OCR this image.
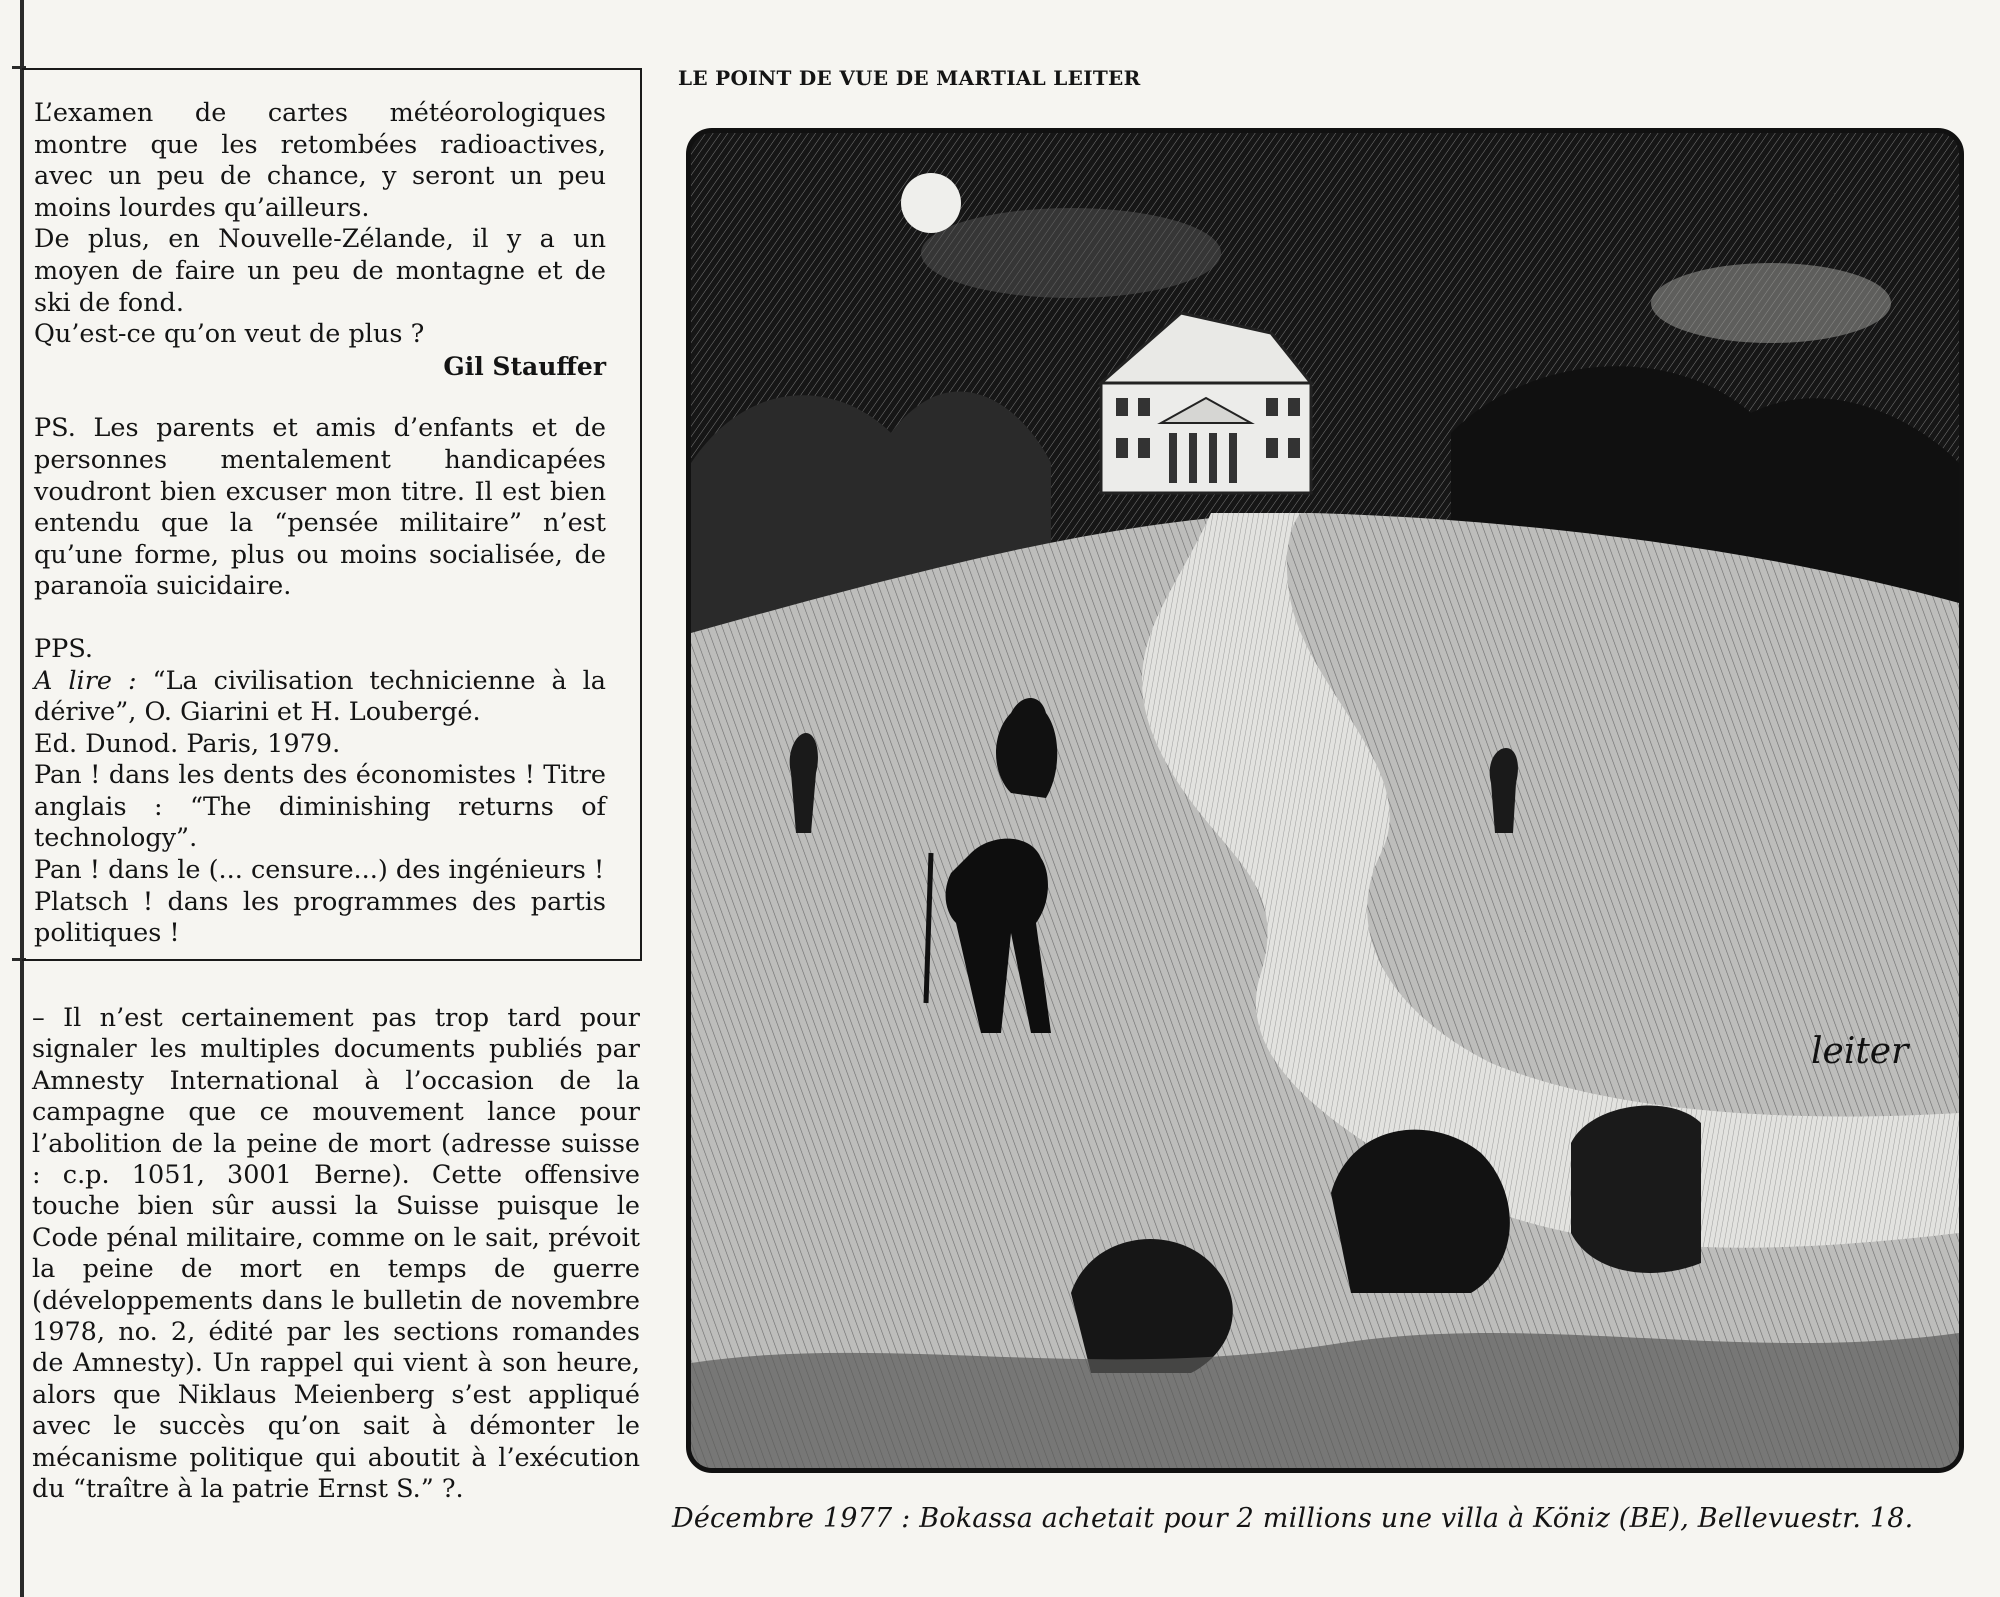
L’examen de cartes météorologiques montre que les retombées radioactives, avec un peu de chance, y seront un peu moins lourdes qu’ailleurs.

De plus, en Nouvelle-Zélande, il y a un moyen de faire un peu de montagne et de ski de fond.

Qu’est-ce qu’on veut de plus ?

Gil Stauffer

PS. Les parents et amis d’enfants et de personnes mentalement handicapées voudront bien excuser mon titre. Il est bien entendu que la “pensée militaire” n’est qu’une forme, plus ou moins socialisée, de paranoïa suicidaire.

PPS.

A lire : “La civilisation technicienne à la dérive”, O. Giarini et H. Loubergé.

Ed. Dunod. Paris, 1979.

Pan ! dans les dents des économistes ! Titre anglais : “The diminishing returns of technology”.

Pan ! dans le (... censure...) des ingénieurs !

Platsch ! dans les programmes des partis politiques !

– Il n’est certainement pas trop tard pour signaler les multiples documents publiés par Amnesty International à l’occasion de la campagne que ce mouvement lance pour l’abolition de la peine de mort (adresse suisse : c.p. 1051, 3001 Berne). Cette offensive touche bien sûr aussi la Suisse puisque le Code pénal militaire, comme on le sait, prévoit la peine de mort en temps de guerre (développements dans le bulletin de novembre 1978, no. 2, édité par les sections romandes de Amnesty). Un rappel qui vient à son heure, alors que Niklaus Meienberg s’est appliqué avec le succès qu’on sait à démonter le mécanisme politique qui aboutit à l’exécution du “traître à la patrie Ernst S.” ?.

LE POINT DE VUE DE MARTIAL LEITER
leiter

Décembre 1977 : Bokassa achetait pour 2 millions une villa à Köniz (BE), Bellevuestr. 18.
